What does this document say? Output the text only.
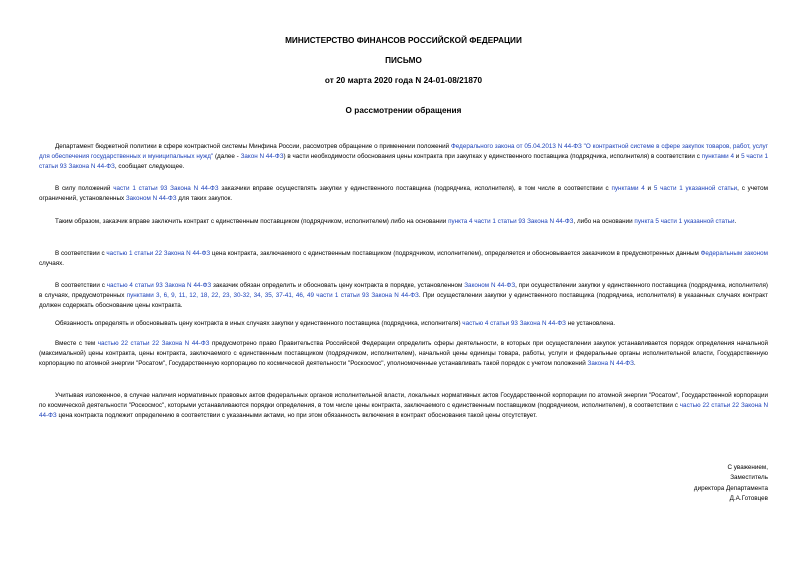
МИНИСТЕРСТВО ФИНАНСОВ РОССИЙСКОЙ ФЕДЕРАЦИИ
ПИСЬМО
от 20 марта 2020 года N 24-01-08/21870
О рассмотрении обращения

Департамент бюджетной политики в сфере контрактной системы Минфина России, рассмотрев обращение о применении положений Федерального закона от 05.04.2013 N 44-ФЗ "О контрактной системе в сфере закупок товаров, работ, услуг для обеспечения государственных и муниципальных нужд" (далее - Закон N 44-ФЗ) в части необходимости обоснования цены контракта при закупках у единственного поставщика (подрядчика, исполнителя) в соответствии с пунктами 4 и 5 части 1 статьи 93 Закона N 44-ФЗ, сообщает следующее.

В силу положений части 1 статьи 93 Закона N 44-ФЗ заказчики вправе осуществлять закупки у единственного поставщика (подрядчика, исполнителя), в том числе в соответствии с пунктами 4 и 5 части 1 указанной статьи, с учетом ограничений, установленных Законом N 44-ФЗ для таких закупок.

Таким образом, заказчик вправе заключить контракт с единственным поставщиком (подрядчиком, исполнителем) либо на основании пункта 4 части 1 статьи 93 Закона N 44-ФЗ, либо на основании пункта 5 части 1 указанной статьи.

В соответствии с частью 1 статьи 22 Закона N 44-ФЗ цена контракта, заключаемого с единственным поставщиком (подрядчиком, исполнителем), определяется и обосновывается заказчиком в предусмотренных данным Федеральным законом случаях.

В соответствии с частью 4 статьи 93 Закона N 44-ФЗ заказчик обязан определить и обосновать цену контракта в порядке, установленном Законом N 44-ФЗ, при осуществлении закупки у единственного поставщика (подрядчика, исполнителя) в случаях, предусмотренных пунктами 3, 6, 9, 11, 12, 18, 22, 23, 30-32, 34, 35, 37-41, 46, 49 части 1 статьи 93 Закона N 44-ФЗ. При осуществлении закупки у единственного поставщика (подрядчика, исполнителя) в указанных случаях контракт должен содержать обоснование цены контракта.

Обязанность определять и обосновывать цену контракта в иных случаях закупки у единственного поставщика (подрядчика, исполнителя) частью 4 статьи 93 Закона N 44-ФЗ не установлена.

Вместе с тем частью 22 статьи 22 Закона N 44-ФЗ предусмотрено право Правительства Российской Федерации определить сферы деятельности, в которых при осуществлении закупок устанавливается порядок определения начальной (максимальной) цены контракта, цены контракта, заключаемого с единственным поставщиком (подрядчиком, исполнителем), начальной цены единицы товара, работы, услуги и федеральные органы исполнительной власти, Государственную корпорацию по атомной энергии "Росатом", Государственную корпорацию по космической деятельности "Роскосмос", уполномоченные устанавливать такой порядок с учетом положений Закона N 44-ФЗ.

Учитывая изложенное, в случае наличия нормативных правовых актов федеральных органов исполнительной власти, локальных нормативных актов Государственной корпорации по атомной энергии "Росатом", Государственной корпорации по космической деятельности "Роскосмос", которыми устанавливаются порядки определения, в том числе цены контракта, заключаемого с единственным поставщиком (подрядчиком, исполнителем), в соответствии с частью 22 статьи 22 Закона N 44-ФЗ цена контракта подлежит определению в соответствии с указанными актами, но при этом обязанность включения в контракт обоснования такой цены отсутствует.

С уважением,
Заместитель
директора Департамента
Д.А.Готовцев
